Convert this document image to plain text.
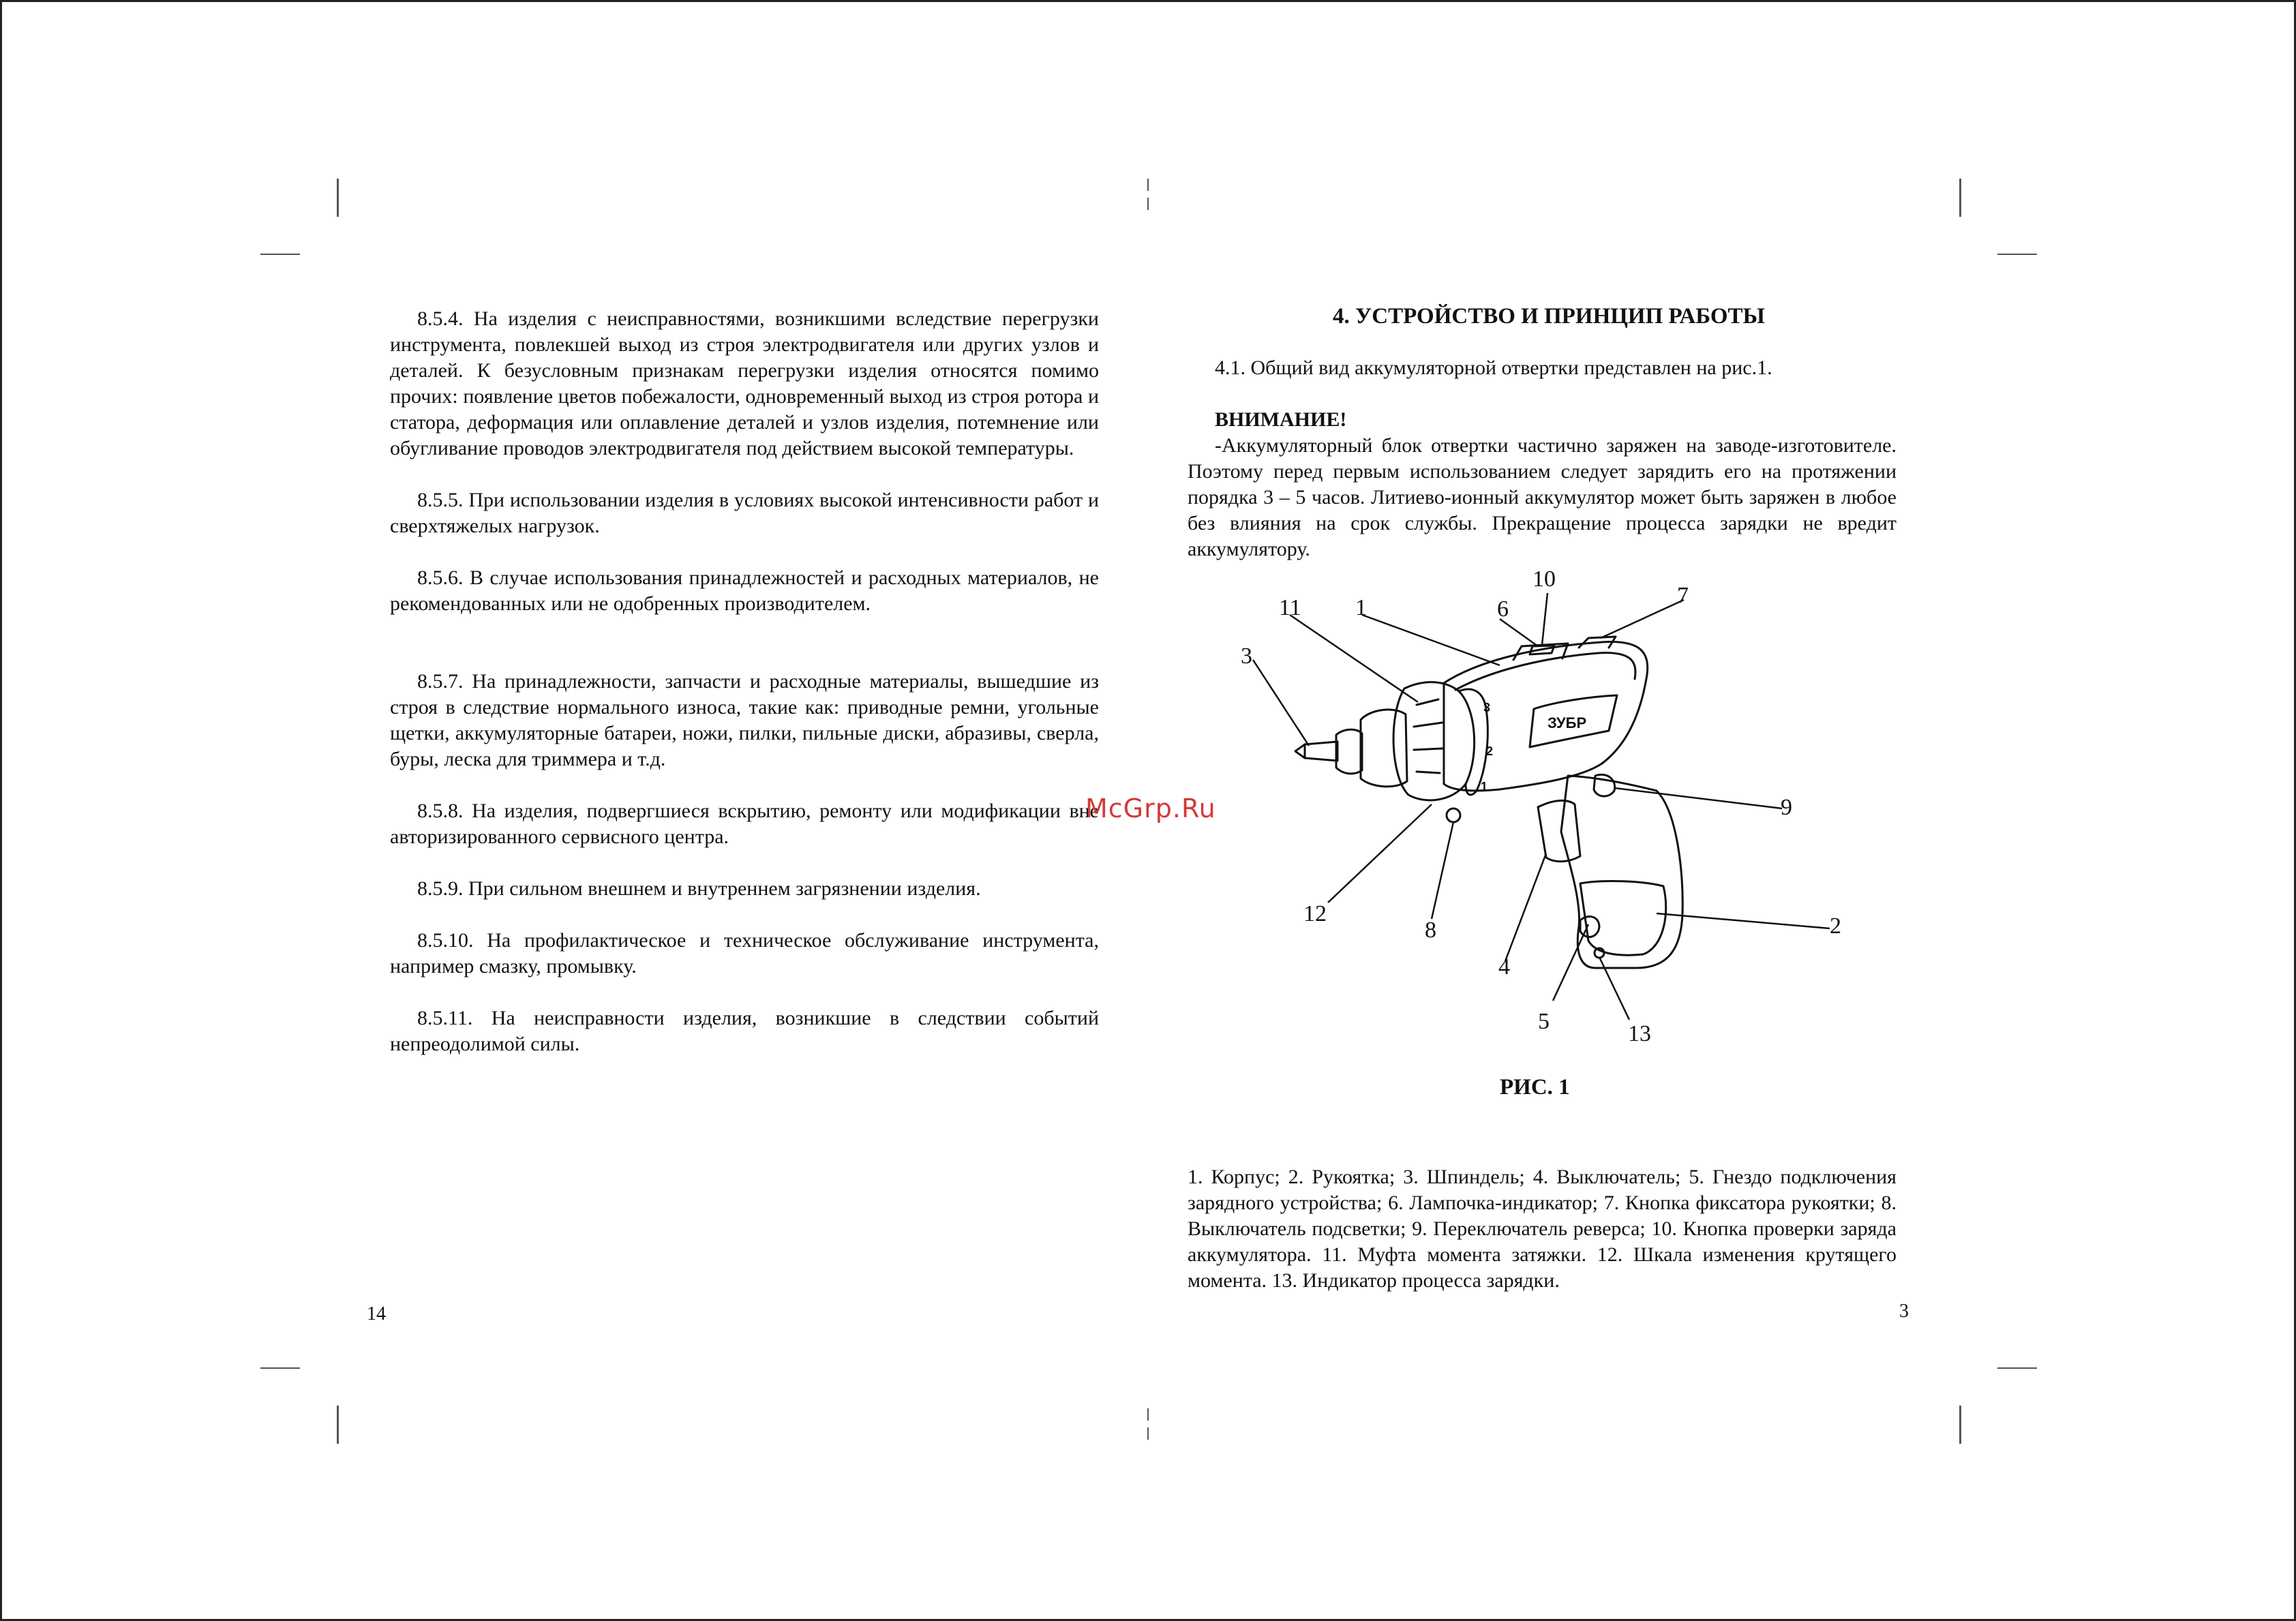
8.5.4. На изделия с неисправностями, возникшими вследствие перегрузки инструмента, повлекшей выход из строя электродвигателя или других узлов и деталей. К безусловным признакам перегрузки изделия относятся помимо прочих: появление цветов побежалости, одновременный выход из строя ротора и статора, деформация или оплавление деталей и узлов изделия, потемнение или обугливание проводов электродвигателя под действием высокой температуры.

8.5.5. При использовании изделия в условиях высокой интенсивности работ и сверхтяжелых нагрузок.

8.5.6. В случае использования принадлежностей и расходных материалов, не рекомендованных или не одобренных производителем.

8.5.7. На принадлежности, запчасти и расходные материалы, вышедшие из строя в следствие нормального износа, такие как: приводные ремни, угольные щетки, аккумуляторные батареи, ножи, пилки, пильные диски, абразивы, сверла, буры, леска для триммера и т.д.

8.5.8. На изделия, подвергшиеся вскрытию, ремонту или модификации вне авторизированного сервисного центра.

8.5.9. При сильном внешнем и внутреннем загрязнении изделия.

8.5.10. На профилактическое и техническое обслуживание инструмента, например смазку, промывку.

8.5.11. На неисправности изделия, возникшие в следствии событий непреодолимой силы.

14
McGrp.Ru
4. УСТРОЙСТВО И ПРИНЦИП РАБОТЫ

4.1. Общий вид аккумуляторной отвертки представлен на рис.1.

ВНИМАНИЕ!

-Аккумуляторный блок отвертки частично заряжен на заводе-изготовителе. Поэтому перед первым использованием следует зарядить его на протяжении порядка 3 – 5 часов. Литиево-ионный аккумулятор может быть заряжен в любое без влияния на срок службы. Прекращение процесса зарядки не вредит аккумулятору.

ЗУБР
1
2
3
1
2
3
4
5
6
7
8
9
10
11
12
13
РИС. 1
1. Корпус; 2. Рукоятка; 3. Шпиндель; 4. Выключатель; 5. Гнездо подключения зарядного устройства; 6. Лампочка-индикатор; 7. Кнопка фиксатора рукоятки; 8. Выключатель подсветки; 9. Переключатель реверса; 10. Кнопка проверки заряда аккумулятора. 11. Муфта момента затяжки. 12. Шкала изменения крутящего момента. 13. Индикатор процесса зарядки.
3
